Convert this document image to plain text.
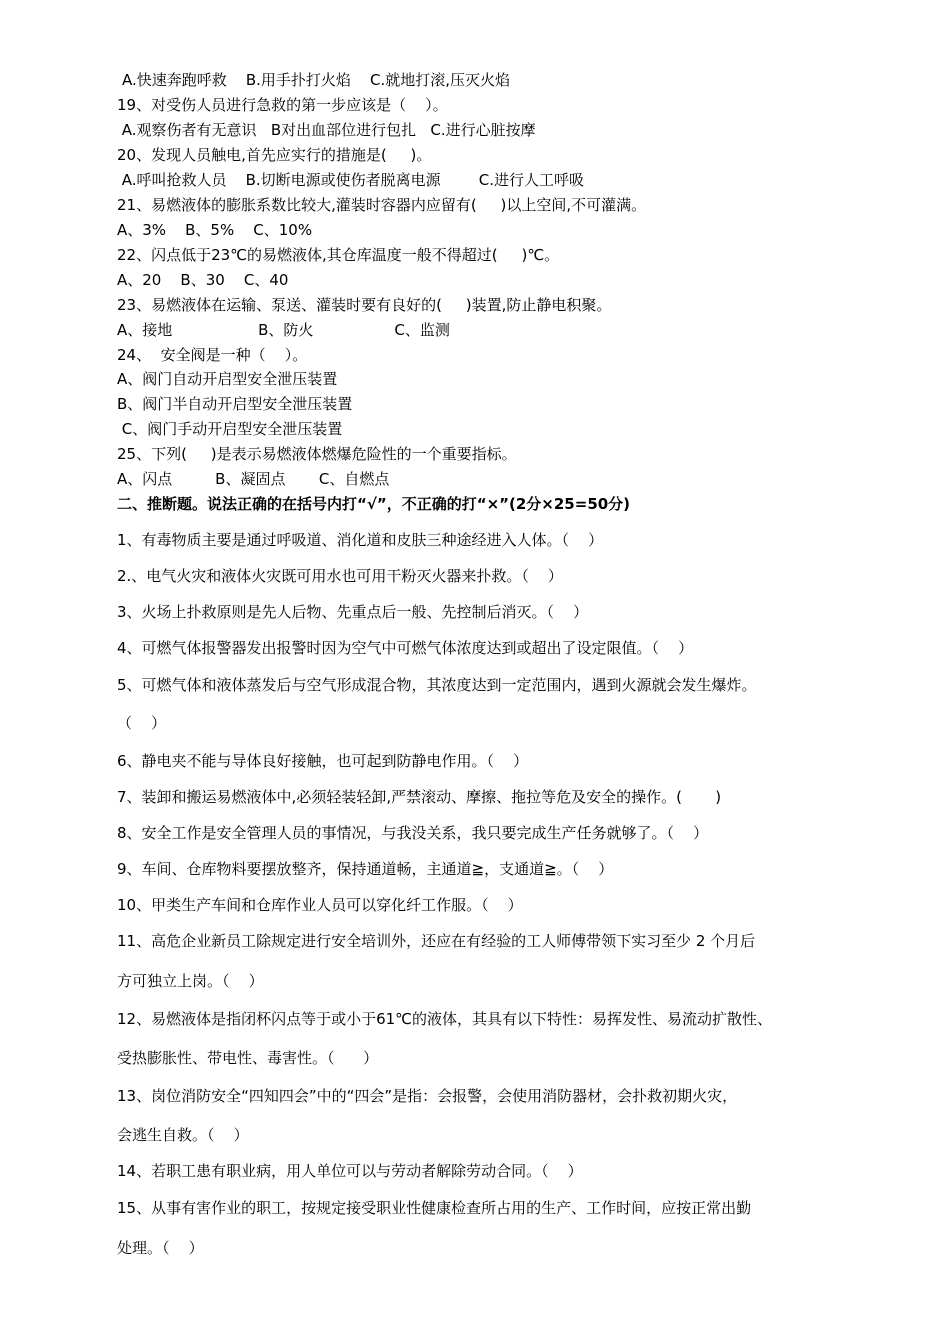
A.快速奔跑呼救    B.用手扑打火焰    C.就地打滚,压灭火焰
19、对受伤人员进行急救的第一步应该是（    ）。
A.观察伤者有无意识   B对出血部位进行包扎   C.进行心脏按摩
20、发现人员触电,首先应实行的措施是(     )。
A.呼叫抢救人员    B.切断电源或使伤者脱离电源        C.进行人工呼吸
21、易燃液体的膨胀系数比较大,灌装时容器内应留有(     )以上空间,不可灌满。
A、3%    B、5%    C、10%
22、闪点低于23℃的易燃液体,其仓库温度一般不得超过(     )℃。
A、20    B、30    C、40
23、易燃液体在运输、泵送、灌装时要有良好的(     )装置,防止静电积聚。
A、接地                  B、防火                 C、监测
24、  安全阀是一种（    ）。
A、阀门自动开启型安全泄压装置
B、阀门半自动开启型安全泄压装置
C、阀门手动开启型安全泄压装置
25、下列(     )是表示易燃液体燃爆危险性的一个重要指标。
A、闪点         B、凝固点       C、自燃点
二、推断题。说法正确的在括号内打“√”，不正确的打“×”(2分×25=50分)
1、有毒物质主要是通过呼吸道、消化道和皮肤三种途经进入人体。（    ）
2.、电气火灾和液体火灾既可用水也可用干粉灭火器来扑救。（    ）
3、火场上扑救原则是先人后物、先重点后一般、先控制后消灭。（    ）
4、可燃气体报警器发出报警时因为空气中可燃气体浓度达到或超出了设定限值。（    ）
5、可燃气体和液体蒸发后与空气形成混合物，其浓度达到一定范围内，遇到火源就会发生爆炸。
（    ）
6、静电夹不能与导体良好接触，也可起到防静电作用。（    ）
7、装卸和搬运易燃液体中,必须轻装轻卸,严禁滚动、摩擦、拖拉等危及安全的操作。(       )
8、安全工作是安全管理人员的事情况，与我没关系，我只要完成生产任务就够了。（    ）
9、车间、仓库物料要摆放整齐，保持通道畅，主通道≧，支通道≧。（    ）
10、甲类生产车间和仓库作业人员可以穿化纤工作服。（    ）
11、高危企业新员工除规定进行安全培训外，还应在有经验的工人师傅带领下实习至少 2 个月后
方可独立上岗。（    ）
12、易燃液体是指闭杯闪点等于或小于61℃的液体，其具有以下特性：易挥发性、易流动扩散性、
受热膨胀性、带电性、毒害性。（      ）
13、岗位消防安全“四知四会”中的“四会”是指：会报警，会使用消防器材，会扑救初期火灾，
会逃生自救。（    ）
14、若职工患有职业病，用人单位可以与劳动者解除劳动合同。（    ）
15、从事有害作业的职工，按规定接受职业性健康检查所占用的生产、工作时间，应按正常出勤
处理。（    ）
